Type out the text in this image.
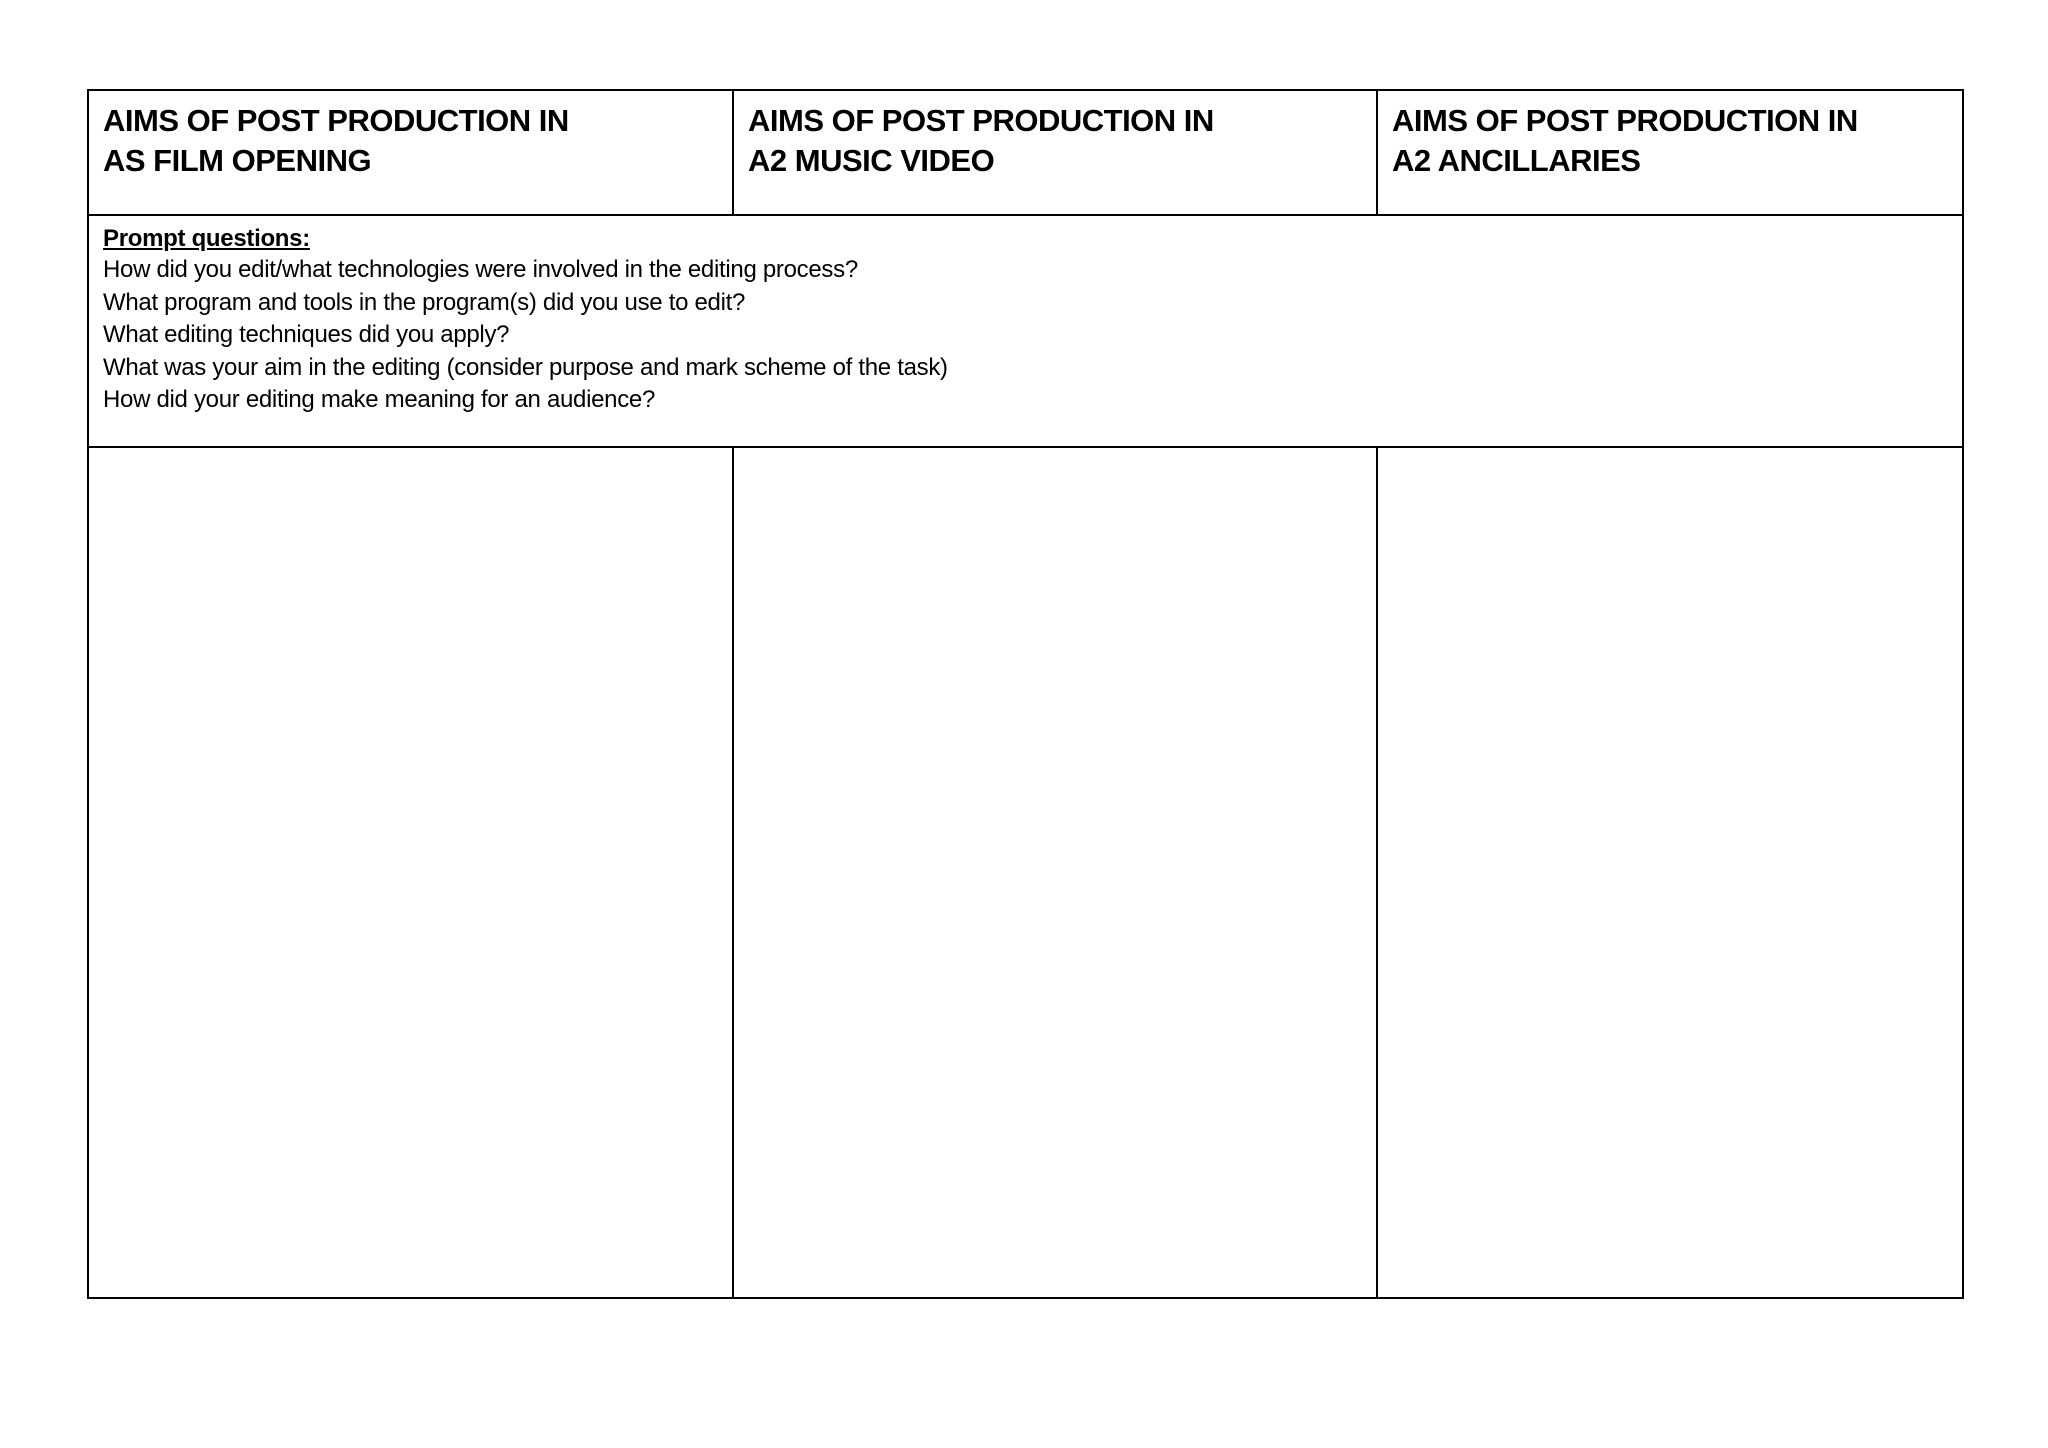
AIMS OF POST PRODUCTION IN
AS FILM OPENING
AIMS OF POST PRODUCTION IN
A2 MUSIC VIDEO
AIMS OF POST PRODUCTION IN
A2 ANCILLARIES
Prompt questions:
How did you edit/what technologies were involved in the editing process?
What program and tools in the program(s) did you use to edit?
What editing techniques did you apply?
What was your aim in the editing (consider purpose and mark scheme of the task)
How did your editing make meaning for an audience?
